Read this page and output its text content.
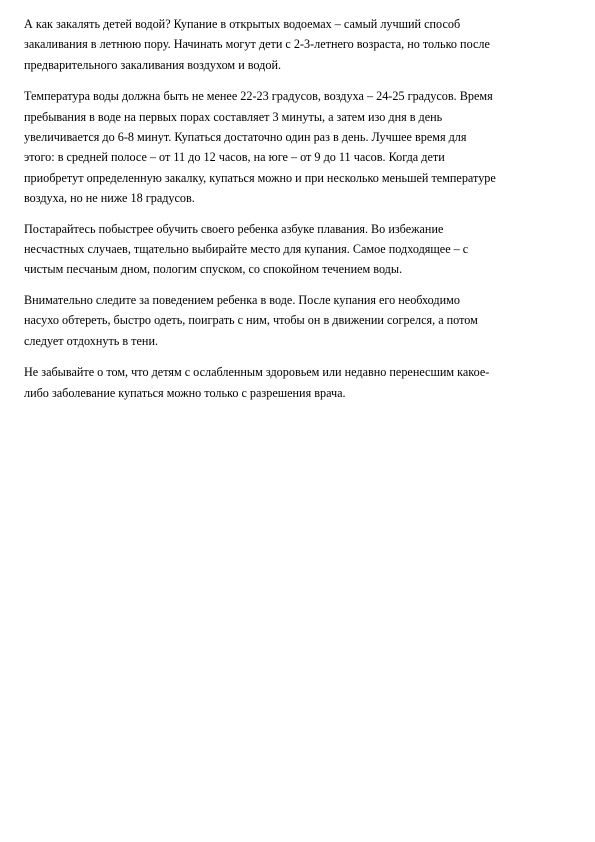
А как закалять детей водой? Купание в открытых водоемах – самый лучший способ
закаливания в летнюю пору. Начинать могут дети с 2-3-летнего возраста, но только после
предварительного закаливания воздухом и водой.

Температура воды должна быть не менее 22-23 градусов, воздуха – 24-25 градусов. Время
пребывания в воде на первых порах составляет 3 минуты, а затем изо дня в день
увеличивается до 6-8 минут. Купаться достаточно один раз в день. Лучшее время для
этого: в средней полосе – от 11 до 12 часов, на юге – от 9 до 11 часов. Когда дети
приобретут определенную закалку, купаться можно и при несколько меньшей температуре
воздуха, но не ниже 18 градусов.

Постарайтесь побыстрее обучить своего ребенка азбуке плавания. Во избежание
несчастных случаев, тщательно выбирайте место для купания. Самое подходящее – с
чистым песчаным дном, пологим спуском, со спокойном течением воды.

Внимательно следите за поведением ребенка в воде. После купания его необходимо
насухо обтереть, быстро одеть, поиграть с ним, чтобы он в движении согрелся, а потом
следует отдохнуть в тени.

Не забывайте о том, что детям с ослабленным здоровьем или недавно перенесшим какое-
либо заболевание купаться можно только с разрешения врача.
